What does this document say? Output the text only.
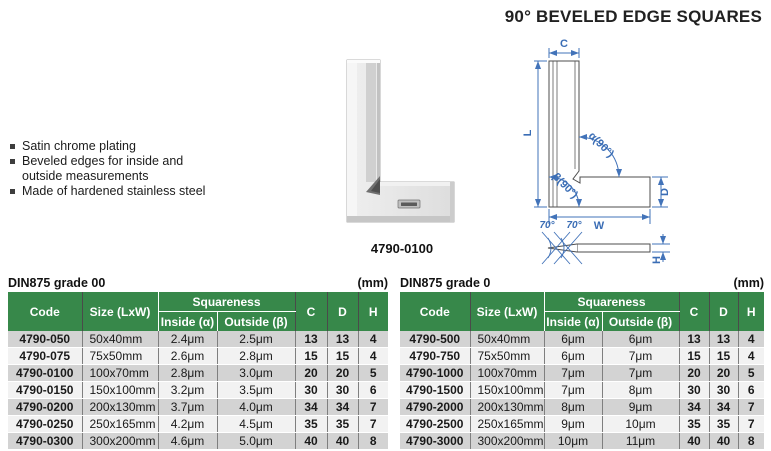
90° BEVELED EDGE SQUARES
Satin chrome plating
Beveled edges for inside and outside measurements
Made of hardened stainless steel
4790-0100
C
L
W
D
α(90°)
β(90°)
70° 70°
H
DIN875 grade 00	(mm)
Code	Size (LxW)	Squareness		C	D	H
		Inside (α)	Outside (β)			
4790-050	50x40mm	2.4μm	2.5μm	13	13	4
4790-075	75x50mm	2.6μm	2.8μm	15	15	4
4790-0100	100x70mm	2.8μm	3.0μm	20	20	5
4790-0150	150x100mm	3.2μm	3.5μm	30	30	6
4790-0200	200x130mm	3.7μm	4.0μm	34	34	7
4790-0250	250x165mm	4.2μm	4.5μm	35	35	7
4790-0300	300x200mm	4.6μm	5.0μm	40	40	8
DIN875 grade 0	(mm)
Code	Size (LxW)	Squareness		C	D	H
		Inside (α)	Outside (β)			
4790-500	50x40mm	6μm	6μm	13	13	4
4790-750	75x50mm	6μm	7μm	15	15	4
4790-1000	100x70mm	7μm	7μm	20	20	5
4790-1500	150x100mm	7μm	8μm	30	30	6
4790-2000	200x130mm	8μm	9μm	34	34	7
4790-2500	250x165mm	9μm	10μm	35	35	7
4790-3000	300x200mm	10μm	11μm	40	40	8
